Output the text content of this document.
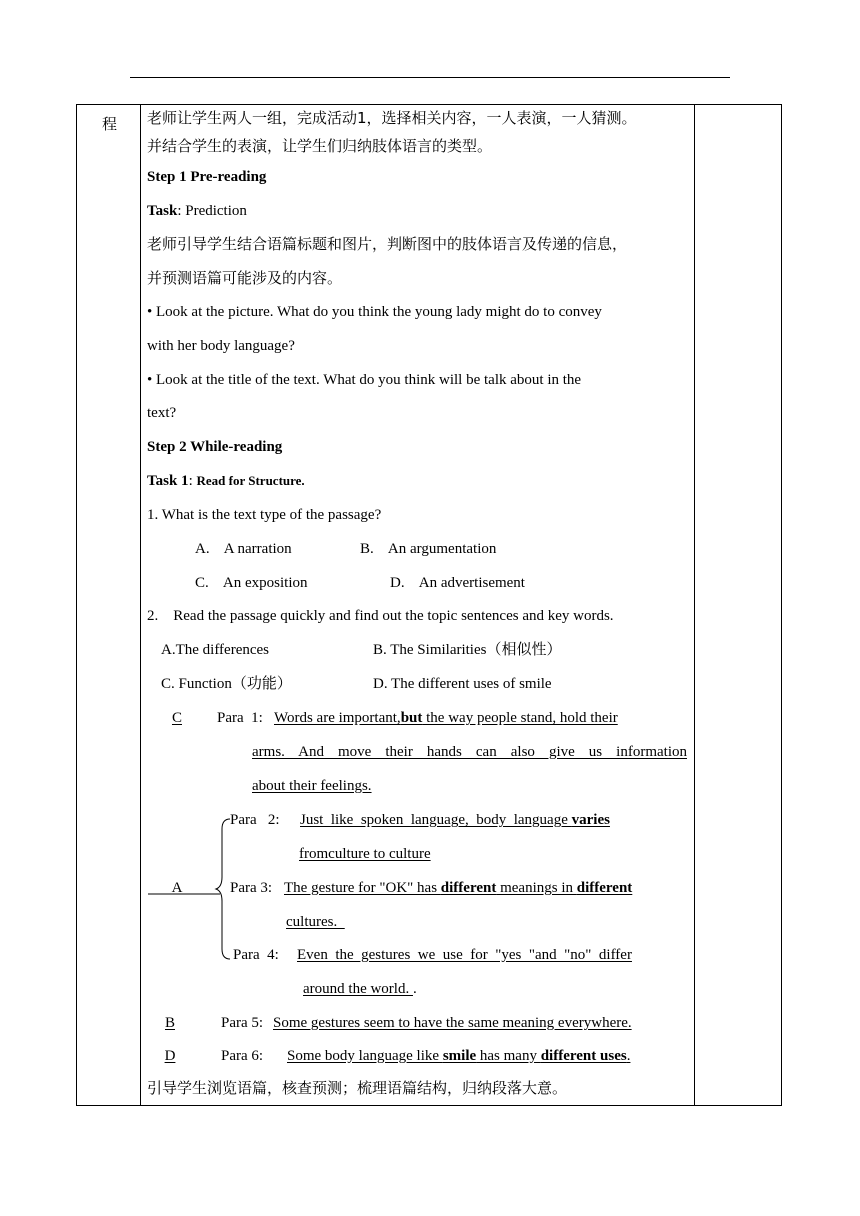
程 老师让学生两人一组，完成活动1，选择相关内容，一人表演，一人猜测。
并结合学生的表演，让学生们归纳肢体语言的类型。
Step 1 Pre-reading
Task: Prediction
老师引导学生结合语篇标题和图片，判断图中的肢体语言及传递的信息，
并预测语篇可能涉及的内容。
• Look at the picture. What do you think the young lady might do to convey
with her body language?
• Look at the title of the text. What do you think will be talk about in the
text?
Step 2 While-reading
Task 1: Read for Structure.
1. What is the text type of the passage?
A.    A narration	B.    An argumentation
C.    An exposition	D.    An advertisement
2.    Read the passage quickly and find out the topic sentences and key words.
A.The differences	B. The Similarities（相似性）
C. Function（功能）	D. The different uses of smile
C	Para  1: Words are important,but the way people stand, hold their
arms. And move their hands can also give us information
about their feelings.
Para   2: Just  like  spoken  language,  body  language varies
fromculture to culture
A	Para 3: The gesture for "OK" has different meanings in different
cultures.
Para  4: Even  the  gestures  we  use  for  "yes  "and  "no"  differ
around the world. .
B	Para 5: Some gestures seem to have the same meaning everywhere.
D	Para 6: Some body language like smile has many different uses.
引导学生浏览语篇，核查预测；梳理语篇结构，归纳段落大意。
